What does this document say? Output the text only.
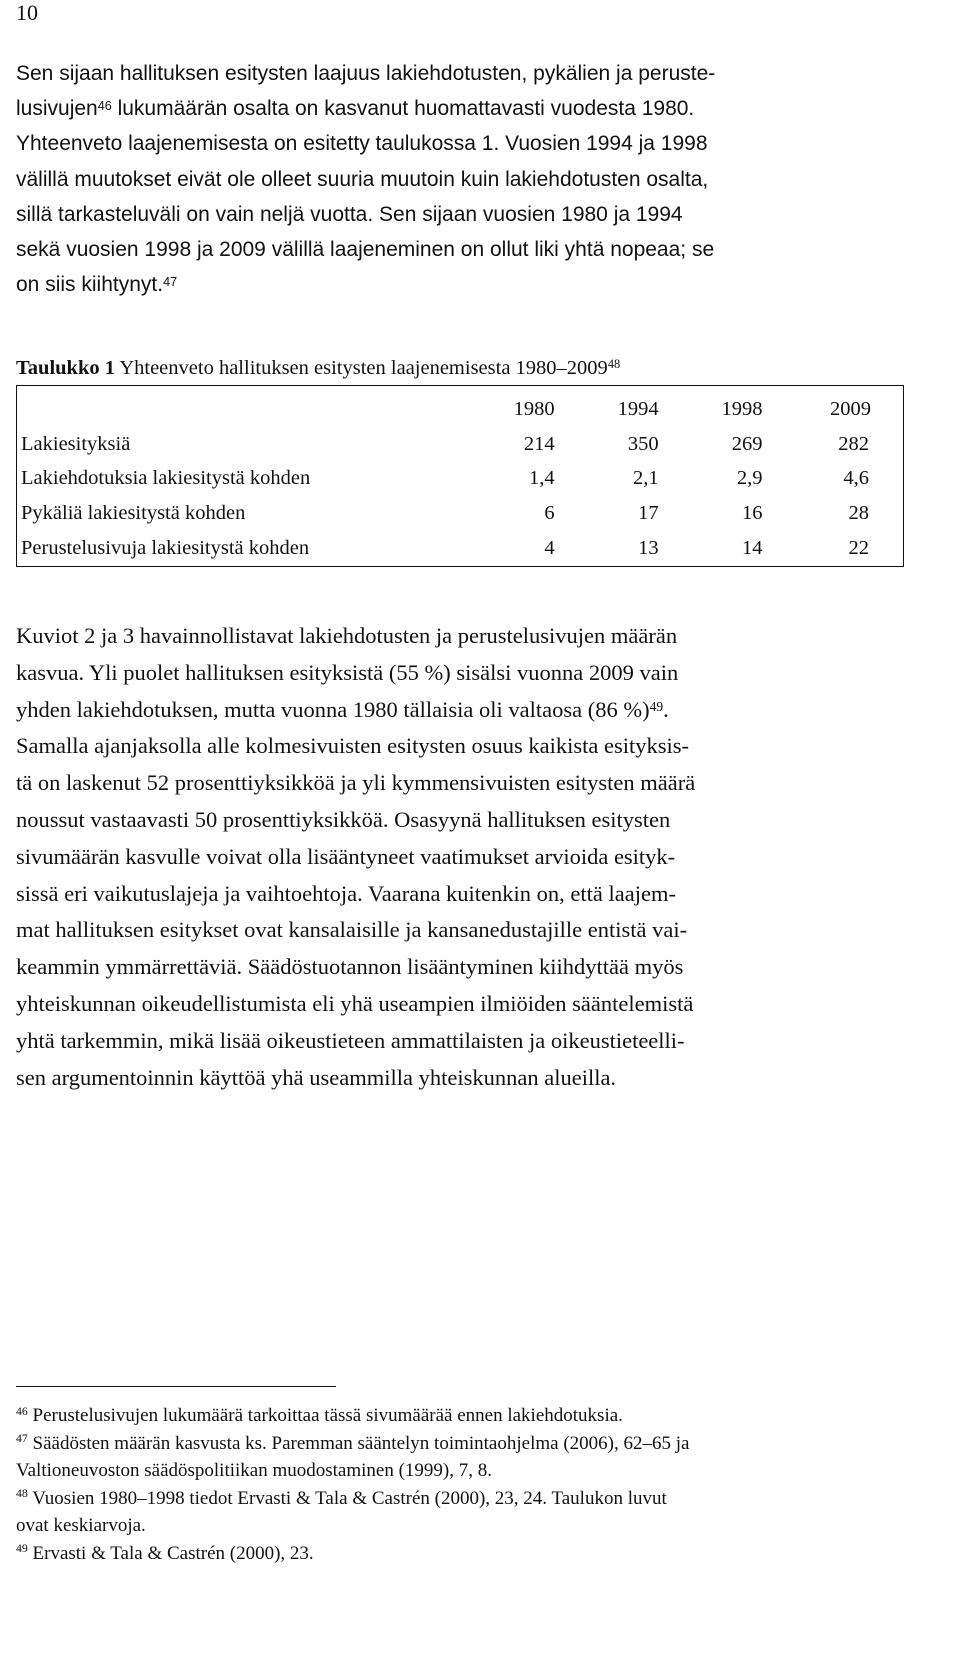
10

Sen sijaan hallituksen esitysten laajuus lakiehdotusten, pykälien ja peruste-
lusivujen$^{46}$ lukumäärän osalta on kasvanut huomattavasti vuodesta 1980.
Yhteenveto laajenemisesta on esitetty taulukossa 1. Vuosien 1994 ja 1998
välillä muutokset eivät ole olleet suuria muutoin kuin lakiehdotusten osalta,
sillä tarkasteluväli on vain neljä vuotta. Sen sijaan vuosien 1980 ja 1994
sekä vuosien 1998 ja 2009 välillä laajeneminen on ollut liki yhtä nopeaa; se
on siis kiihtynyt.$^{47}$

Taulukko 1 Yhteenveto hallituksen esitysten laajenemisesta 1980–2009$^{48}$
	1980	1994	1998	2009
Lakiesityksiä	214	350	269	282
Lakiehdotuksia lakiesitystä kohden	1,4	2,1	2,9	4,6
Pykäliä lakiesitystä kohden	6	17	16	28
Perustelusivuja lakiesitystä kohden	4	13	14	22

Kuviot 2 ja 3 havainnollistavat lakiehdotusten ja perustelusivujen määrän
kasvua. Yli puolet hallituksen esityksistä (55 %) sisälsi vuonna 2009 vain
yhden lakiehdotuksen, mutta vuonna 1980 tällaisia oli valtaosa (86 %)$^{49}$.
Samalla ajanjaksolla alle kolmesivuisten esitysten osuus kaikista esityksis-
tä on laskenut 52 prosenttiyksikköä ja yli kymmensivuisten esitysten määrä
noussut vastaavasti 50 prosenttiyksikköä. Osasyynä hallituksen esitysten
sivumäärän kasvulle voivat olla lisääntyneet vaatimukset arvioida esityk-
sissä eri vaikutuslajeja ja vaihtoehtoja. Vaarana kuitenkin on, että laajem-
mat hallituksen esitykset ovat kansalaisille ja kansanedustajille entistä vai-
keammin ymmärrettäviä. Säädöstuotannon lisääntyminen kiihdyttää myös
yhteiskunnan oikeudellistumista eli yhä useampien ilmiöiden sääntelemistä
yhtä tarkemmin, mikä lisää oikeustieteen ammattilaisten ja oikeustieteelli-
sen argumentoinnin käyttöä yhä useammilla yhteiskunnan alueilla.

$^{46}$ Perustelusivujen lukumäärä tarkoittaa tässä sivumäärää ennen lakiehdotuksia.
$^{47}$ Säädösten määrän kasvusta ks. Paremman sääntelyn toimintaohjelma (2006), 62–65 ja
Valtioneuvoston säädöspolitiikan muodostaminen (1999), 7, 8.
$^{48}$ Vuosien 1980–1998 tiedot Ervasti & Tala & Castrén (2000), 23, 24. Taulukon luvut
ovat keskiarvoja.
$^{49}$ Ervasti & Tala & Castrén (2000), 23.
